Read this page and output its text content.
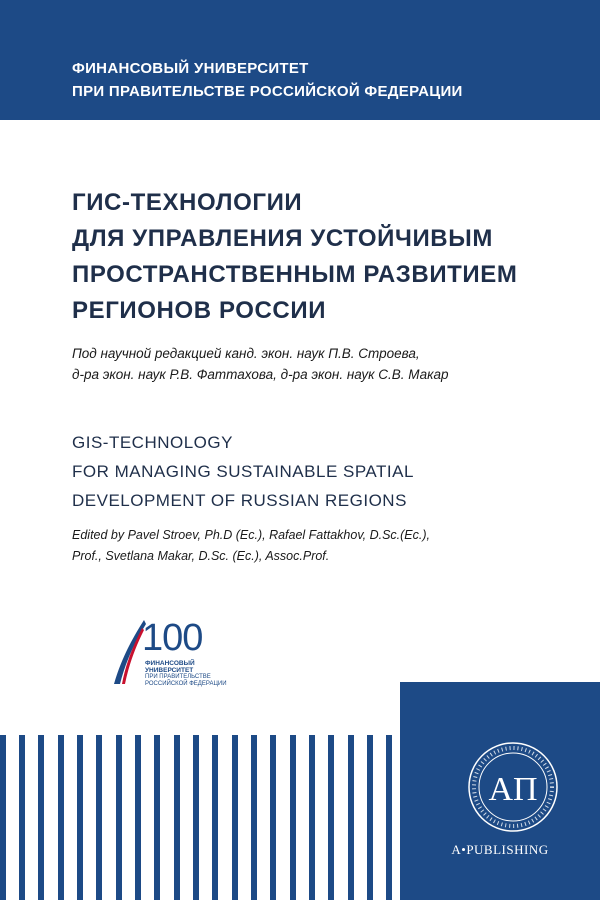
ФИНАНСОВЫЙ УНИВЕРСИТЕТ
ПРИ ПРАВИТЕЛЬСТВЕ РОССИЙСКОЙ ФЕДЕРАЦИИ
ГИС-ТЕХНОЛОГИИ
ДЛЯ УПРАВЛЕНИЯ УСТОЙЧИВЫМ
ПРОСТРАНСТВЕННЫМ РАЗВИТИЕМ
РЕГИОНОВ РОССИИ
Под научной редакцией канд. экон. наук П.В. Строева,
д-ра экон. наук Р.В. Фаттахова, д-ра экон. наук С.В. Макар
GIS-TECHNOLOGY
FOR MANAGING SUSTAINABLE SPATIAL
DEVELOPMENT OF RUSSIAN REGIONS
Edited by Pavel Stroev, Ph.D (Ec.), Rafael Fattakhov, D.Sc.(Ec.),
Prof., Svetlana Makar, D.Sc. (Ec.), Assoc.Prof.
100
ФИНАНСОВЫЙ УНИВЕРСИТЕТ
ПРИ ПРАВИТЕЛЬСТВЕ
РОССИЙСКОЙ ФЕДЕРАЦИИ
АП
A•PUBLISHING
